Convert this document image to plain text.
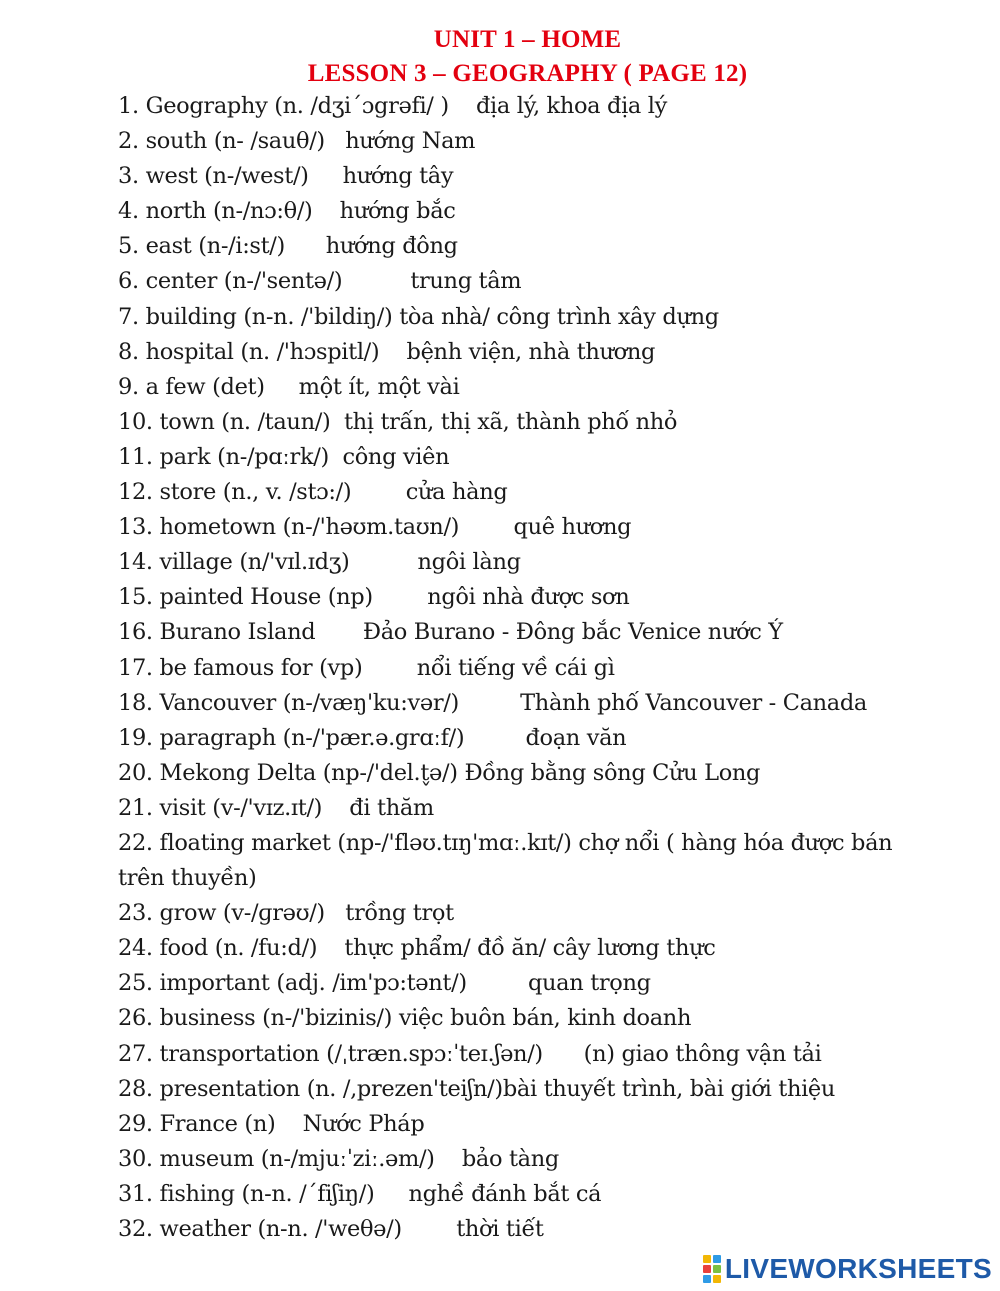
UNIT 1 – HOME
LESSON 3 – GEOGRAPHY ( PAGE 12)
1. Geography (n. /dʒiˊɔgrəfi/ )    địa lý, khoa địa lý
2. south (n- /sauθ/)   hướng Nam
3. west (n-/west/)     hướng tây
4. north (n-/nɔ:θ/)    hướng bắc
5. east (n-/i:st/)      hướng đông
6. center (n-/'sentə/)          trung tâm
7. building (n-n. /'bildiŋ/) tòa nhà/ công trình xây dựng
8. hospital (n. /'hɔspitl/)    bệnh viện, nhà thương
9. a few (det)     một ít, một vài
10. town (n. /taun/)  thị trấn, thị xã, thành phố nhỏ
11. park (n-/pɑːrk/)  công viên
12. store (n., v. /stɔ:/)        cửa hàng
13. hometown (n-/'həʊm.taʊn/)        quê hương
14. village (n/'vɪl.ɪdʒ)          ngôi làng
15. painted House (np)        ngôi nhà được sơn
16. Burano Island       Đảo Burano - Đông bắc Venice nước Ý
17. be famous for (vp)        nổi tiếng về cái gì
18. Vancouver (n-/væŋ'ku:vər/)         Thành phố Vancouver - Canada
19. paragraph (n-/'pær.ə.grɑːf/)         đoạn văn
20. Mekong Delta (np-/'del.t̬ə/) Đồng bằng sông Cửu Long
21. visit (v-/'vɪz.ɪt/)    đi thăm
22. floating market (np-/'fləʊ.tɪŋ'mɑː.kɪt/) chợ nổi ( hàng hóa được bán trên thuyền)
23. grow (v-/ɡrəʊ/)   trồng trọt
24. food (n. /fu:d/)    thực phẩm/ đồ ăn/ cây lương thực
25. important (adj. /im'pɔ:tənt/)         quan trọng
26. business (n-/'bizinis/) việc buôn bán, kinh doanh
27. transportation (/ˌtræn.spɔːˈteɪ.ʃən/)      (n) giao thông vận tải
28. presentation (n. /,prezen'teiʃn/)bài thuyết trình, bài giới thiệu
29. France (n)    Nước Pháp
30. museum (n-/mjuːˈziː.əm/)    bảo tàng
31. fishing (n-n. /ˊfiʃiŋ/)     nghề đánh bắt cá
32. weather (n-n. /'weθə/)        thời tiết
LIVEWORKSHEETS
